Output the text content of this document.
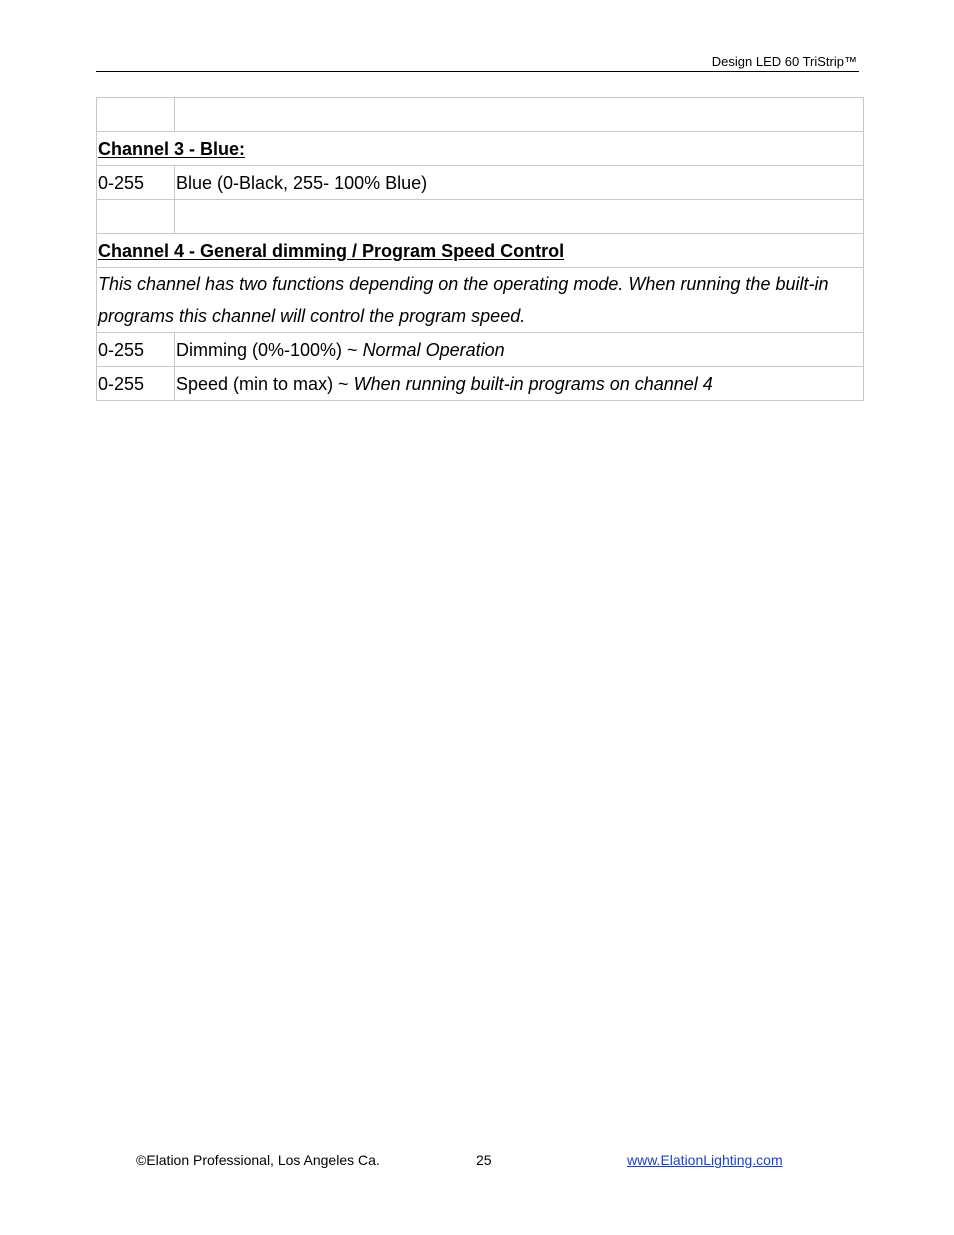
Design LED 60 TriStrip™

Channel 3 - Blue:	
0-255	Blue (0-Black, 255- 100% Blue)

Channel 4 - General dimming / Program Speed Control	
This channel has two functions depending on the operating mode. When running the built-in programs this channel will control the program speed.	
0-255	Dimming (0%-100%) ~ Normal Operation
0-255	Speed (min to max) ~ When running built-in programs on channel 4
©Elation Professional, Los Angeles Ca.	25	www.ElationLighting.com
